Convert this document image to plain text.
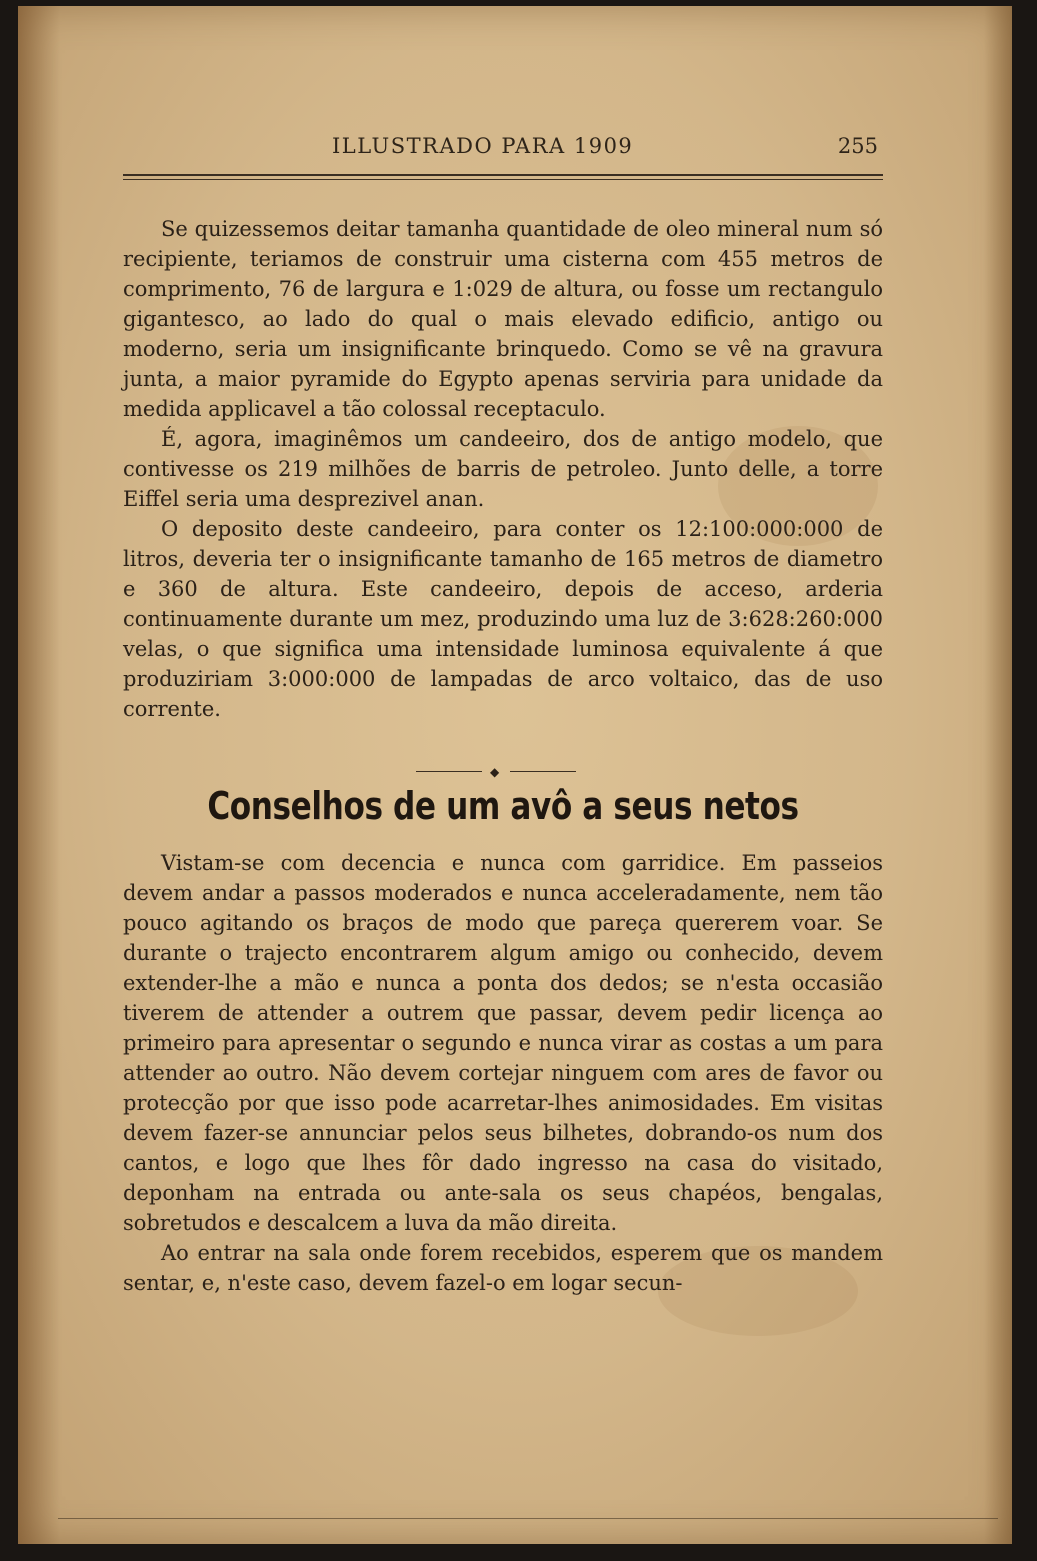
ILLUSTRADO PARA 1909	255

Se quizessemos deitar tamanha quantidade de oleo mineral num só recipiente, teriamos de construir uma cisterna com 455 metros de comprimento, 76 de largura e 1:029 de altura, ou fosse um rectangulo gigantesco, ao lado do qual o mais elevado edificio, antigo ou moderno, seria um insignificante brinquedo. Como se vê na gravura junta, a maior pyramide do Egypto apenas serviria para unidade da medida applicavel a tão colossal receptaculo.

É, agora, imaginêmos um candeeiro, dos de antigo modelo, que contivesse os 219 milhões de barris de petroleo. Junto delle, a torre Eiffel seria uma desprezivel anan.

O deposito deste candeeiro, para conter os 12:100:000:000 de litros, deveria ter o insignificante tamanho de 165 metros de diametro e 360 de altura. Este candeeiro, depois de acceso, arderia continuamente durante um mez, produzindo uma luz de 3:628:260:000 velas, o que significa uma intensidade luminosa equivalente á que produziriam 3:000:000 de lampadas de arco voltaico, das de uso corrente.

◆
Conselhos de um avô a seus netos

Vistam-se com decencia e nunca com garridice. Em passeios devem andar a passos moderados e nunca acceleradamente, nem tão pouco agitando os braços de modo que pareça quererem voar. Se durante o trajecto encontrarem algum amigo ou conhecido, devem extender-lhe a mão e nunca a ponta dos dedos; se n'esta occasião tiverem de attender a outrem que passar, devem pedir licença ao primeiro para apresentar o segundo e nunca virar as costas a um para attender ao outro. Não devem cortejar ninguem com ares de favor ou protecção por que isso pode acarretar-lhes animosidades. Em visitas devem fazer-se annunciar pelos seus bilhetes, dobrando-os num dos cantos, e logo que lhes fôr dado ingresso na casa do visitado, deponham na entrada ou ante-sala os seus chapéos, bengalas, sobretudos e descalcem a luva da mão direita.

Ao entrar na sala onde forem recebidos, esperem que os mandem sentar, e, n'este caso, devem fazel-o em logar secun-
